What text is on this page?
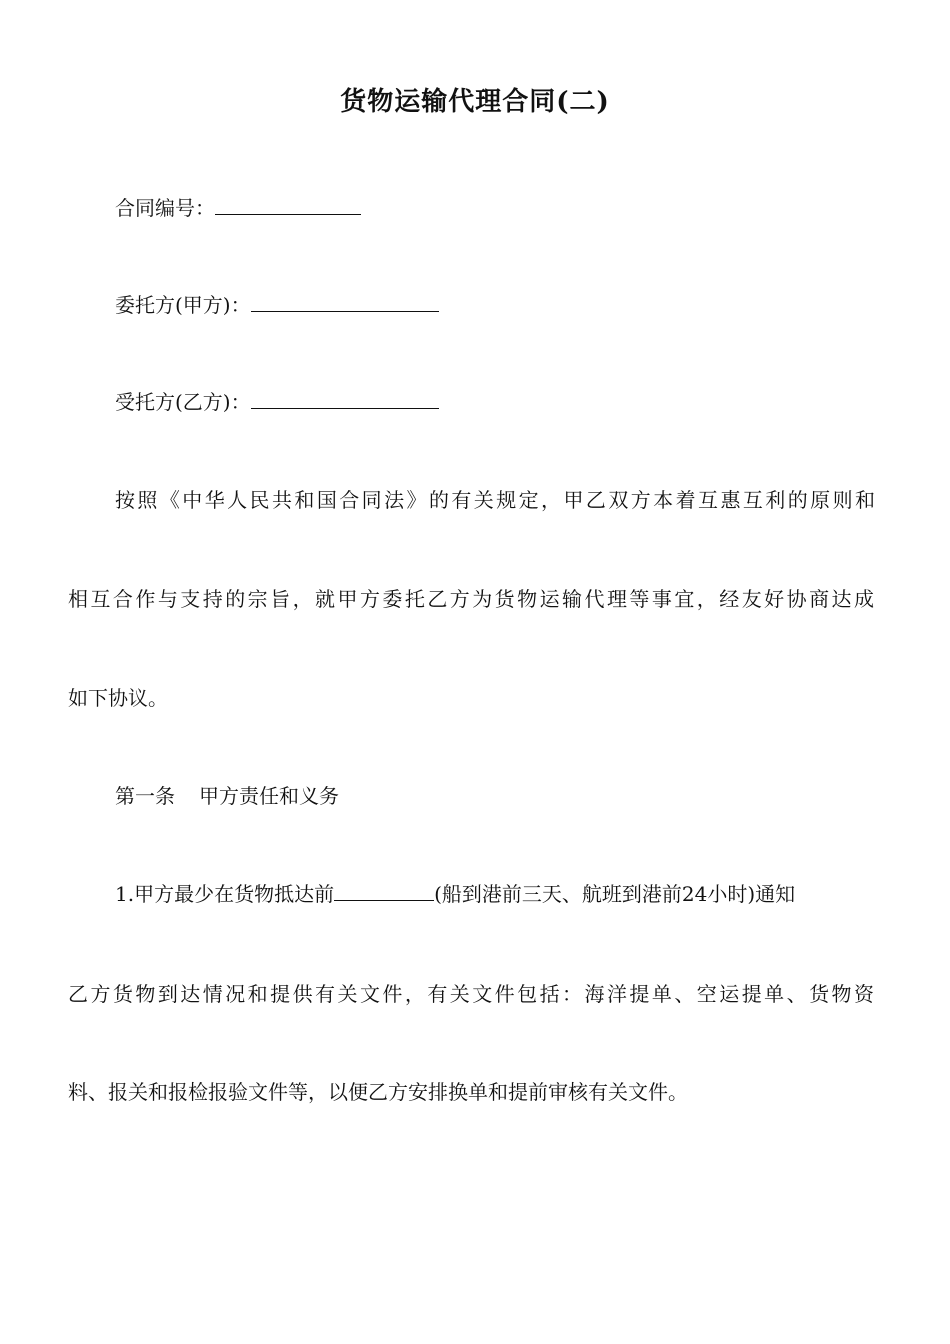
货物运输代理合同(二)
合同编号：
委托方(甲方)：
受托方(乙方)：
按照《中华人民共和国合同法》的有关规定，甲乙双方本着互惠互利的原则和
相互合作与支持的宗旨，就甲方委托乙方为货物运输代理等事宜，经友好协商达成
如下协议。
第一条 甲方责任和义务
1.甲方最少在货物抵达前	(船到港前三天、航班到港前24小时)通知
乙方货物到达情况和提供有关文件，有关文件包括：海洋提单、空运提单、货物资
料、报关和报检报验文件等，以便乙方安排换单和提前审核有关文件。
